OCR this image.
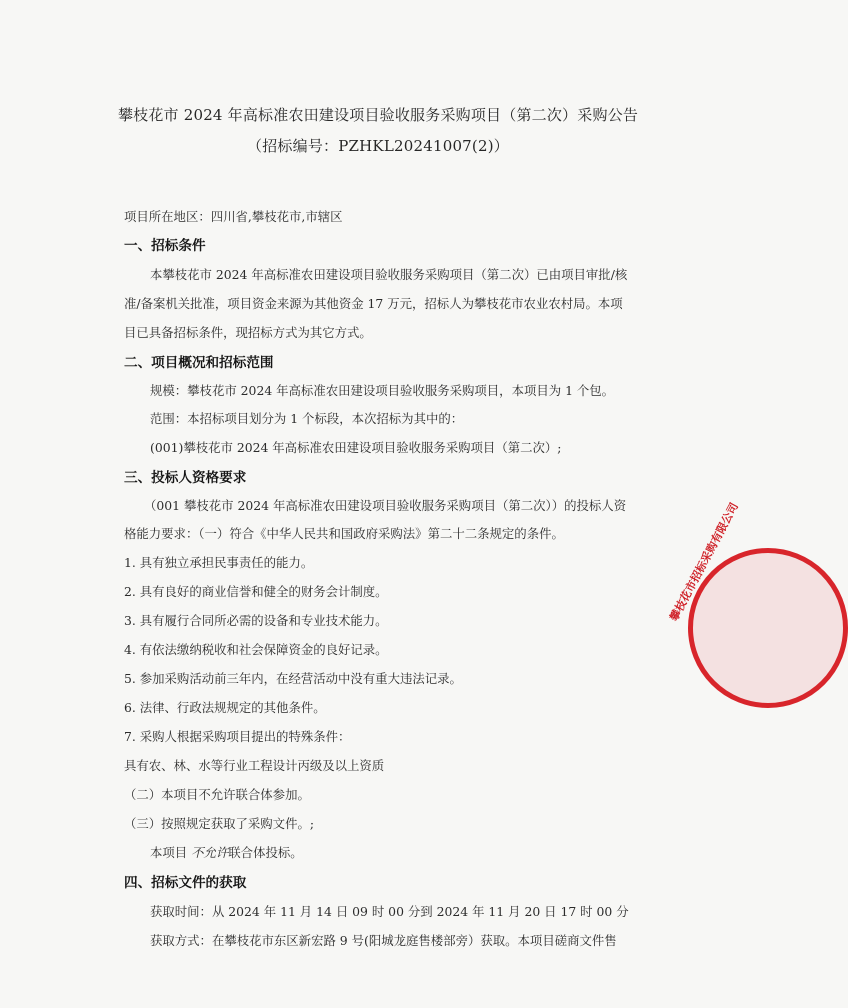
攀枝花市 2024 年高标准农田建设项目验收服务采购项目（第二次）采购公告
（招标编号：PZHKL20241007(2)）
项目所在地区：四川省,攀枝花市,市辖区
一、招标条件
本攀枝花市 2024 年高标准农田建设项目验收服务采购项目（第二次）已由项目审批/核
准/备案机关批准，项目资金来源为其他资金 17 万元，招标人为攀枝花市农业农村局。本项
目已具备招标条件，现招标方式为其它方式。
二、项目概况和招标范围
规模：攀枝花市 2024 年高标准农田建设项目验收服务采购项目，本项目为 1 个包。
范围：本招标项目划分为 1 个标段，本次招标为其中的：
(001)攀枝花市 2024 年高标准农田建设项目验收服务采购项目（第二次）;
三、投标人资格要求
（001 攀枝花市 2024 年高标准农田建设项目验收服务采购项目（第二次））的投标人资
格能力要求：（一）符合《中华人民共和国政府采购法》第二十二条规定的条件。
1. 具有独立承担民事责任的能力。
2. 具有良好的商业信誉和健全的财务会计制度。
3. 具有履行合同所必需的设备和专业技术能力。
4. 有依法缴纳税收和社会保障资金的良好记录。
5. 参加采购活动前三年内，在经营活动中没有重大违法记录。
6. 法律、行政法规规定的其他条件。
7. 采购人根据采购项目提出的特殊条件：
具有农、林、水等行业工程设计丙级及以上资质
（二）本项目不允许联合体参加。
（三）按照规定获取了采购文件。;
本项目 不允许联合体投标。
四、招标文件的获取
获取时间：从 2024 年 11 月 14 日 09 时 00 分到 2024 年 11 月 20 日 17 时 00 分
获取方式：在攀枝花市东区新宏路 9 号(阳城龙庭售楼部旁）获取。本项目磋商文件售
攀枝花市招标采购有限公司
